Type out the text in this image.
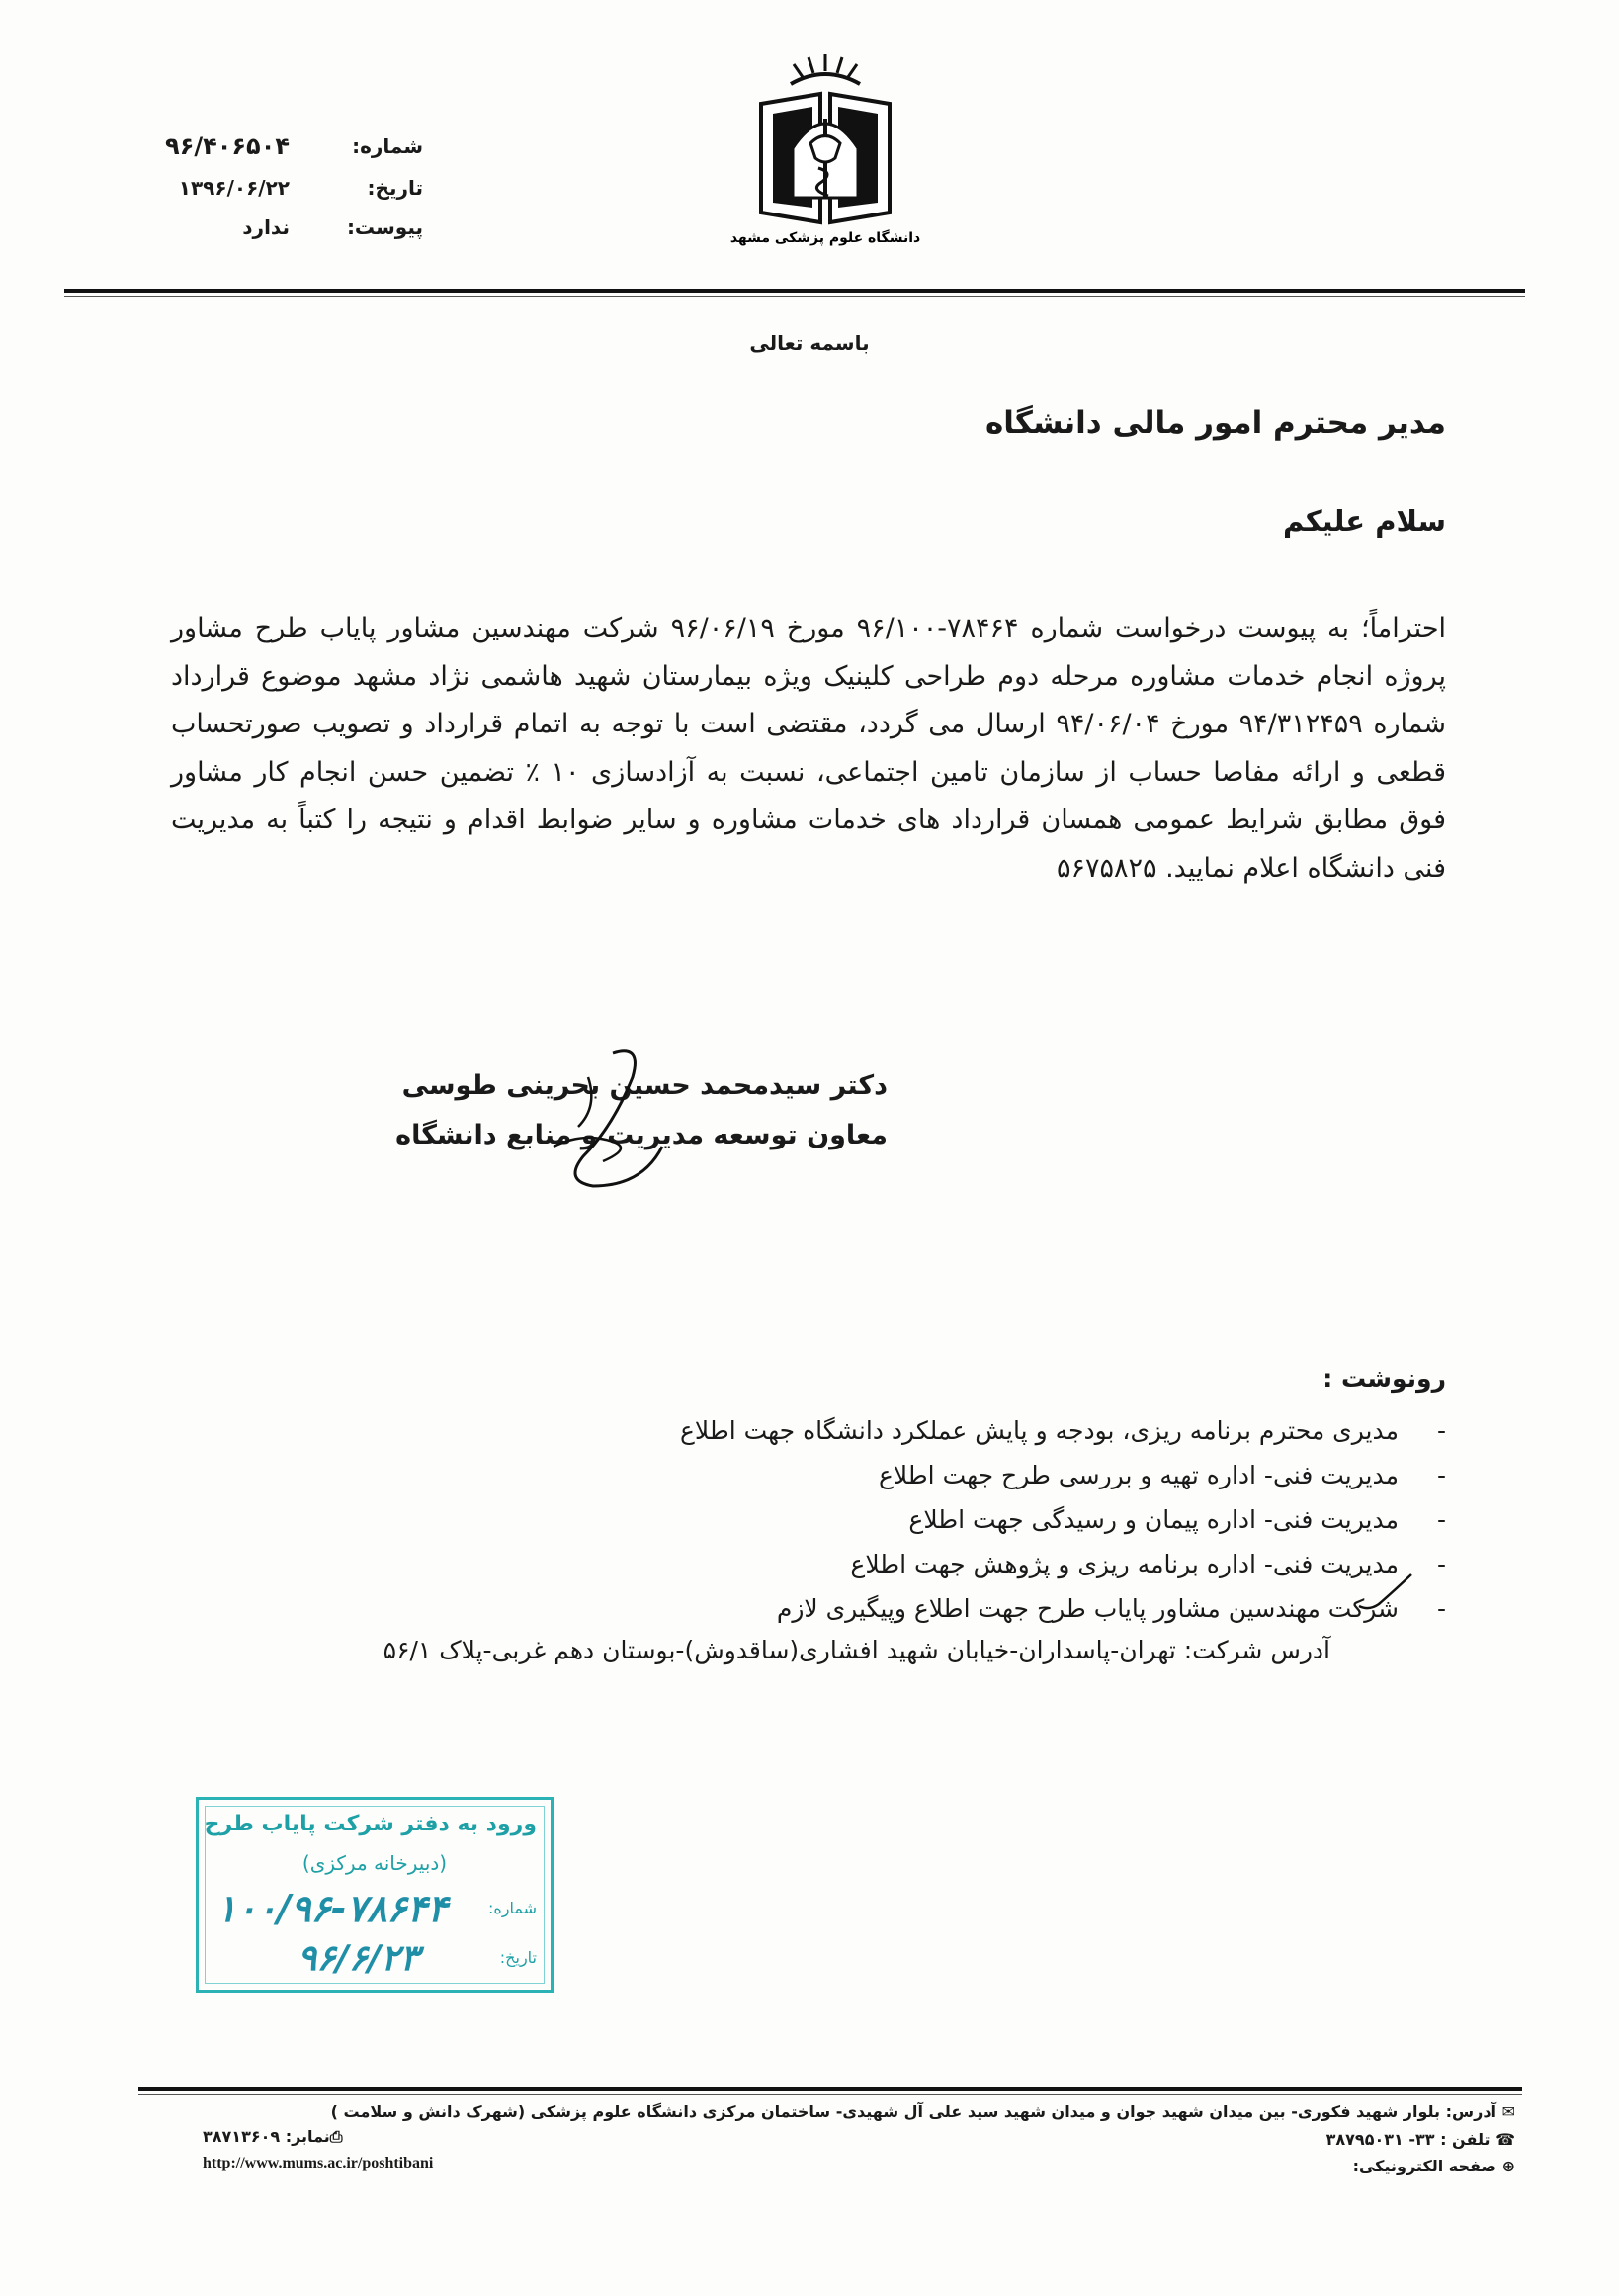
دانشگاه علوم پزشکی مشهد
شماره:
۹۶/۴۰۶۵۰۴
تاریخ:
۱۳۹۶/۰۶/۲۲
پیوست:
ندارد
باسمه تعالی
مدیر محترم امور مالی دانشگاه
سلام علیکم
احتراماً؛ به پیوست درخواست شماره ۷۸۴۶۴-۹۶/۱۰۰ مورخ ۹۶/۰۶/۱۹ شرکت مهندسین مشاور پایاب طرح مشاور پروژه انجام خدمات مشاوره مرحله دوم طراحی کلینیک ویژه بیمارستان شهید هاشمی نژاد مشهد موضوع قرارداد شماره ۹۴/۳۱۲۴۵۹ مورخ ۹۴/۰۶/۰۴ ارسال می گردد، مقتضی است با توجه به اتمام قرارداد و تصویب صورتحساب قطعی و ارائه مفاصا حساب از سازمان تامین اجتماعی، نسبت به آزادسازی ۱۰ ٪ تضمین حسن انجام کار مشاور فوق مطابق شرایط عمومی همسان قرارداد های خدمات مشاوره و سایر ضوابط اقدام و نتیجه را کتباً به مدیریت فنی دانشگاه اعلام نمایید. ۵۶۷۵۸۲۵
دکتر سیدمحمد حسین بحرینی طوسی
معاون توسعه مدیریت و منابع دانشگاه
رونوشت :
-مدیری محترم برنامه ریزی، بودجه و پایش عملکرد دانشگاه جهت اطلاع
-مدیریت فنی- اداره تهیه و بررسی طرح جهت اطلاع
-مدیریت فنی- اداره پیمان و رسیدگی جهت اطلاع
-مدیریت فنی- اداره برنامه ریزی و پژوهش جهت اطلاع
-شرکت مهندسین مشاور پایاب طرح جهت اطلاع وپیگیری لازم
آدرس شرکت: تهران-پاسداران-خیابان شهید افشاری(ساقدوش)-بوستان دهم غربی-پلاک ۵۶/۱
ورود به دفتر شرکت پایاب طرح
(دبیرخانه مرکزی)
شماره:
۱۰۰/۹۶-۷۸۶۴۴
تاریخ:
۹۶/۶/۲۳
✉ آدرس: بلوار شهید فکوری- بین میدان شهید جوان و میدان شهید سید علی آل شهیدی- ساختمان مرکزی دانشگاه علوم پزشکی (شهرک دانش و سلامت )
☎ تلفن : ۳۳- ۳۸۷۹۵۰۳۱
⊕ صفحه الکترونیکی:
⎙نمابر: ۳۸۷۱۳۶۰۹
http://www.mums.ac.ir/poshtibani
